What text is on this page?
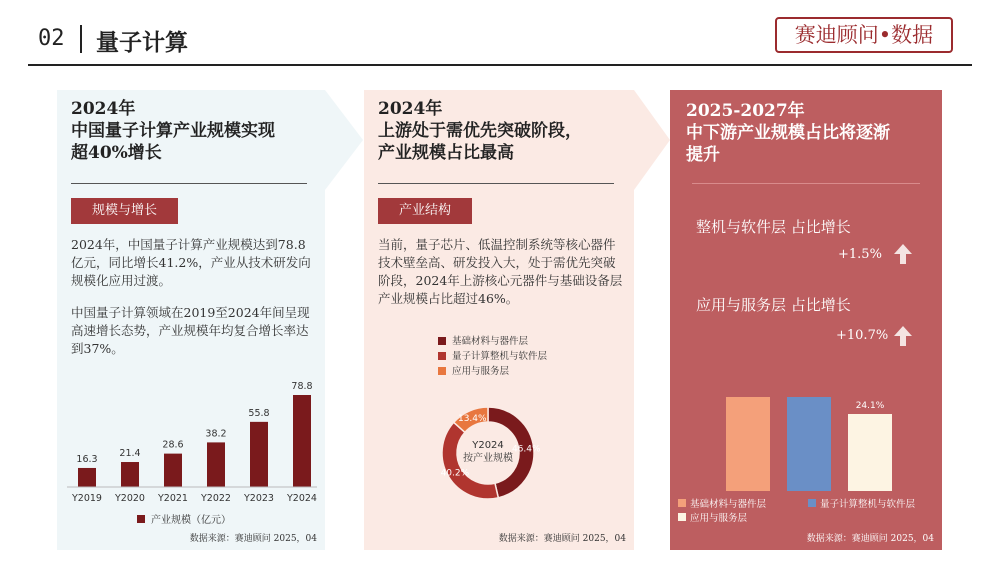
02 量子计算	赛迪顾问•数据
2024年
中国量子计算产业规模实现
超40%增长
规模与增长
2024年，中国量子计算产业规模达到78.8亿元，同比增长41.2%，产业从技术研发向规模化应用过渡。
中国量子计算领域在2019至2024年间呈现高速增长态势，产业规模年均复合增长率达到37%。
16.3
Y2019
21.4
Y2020
28.6
Y2021
38.2
Y2022
55.8
Y2023
78.8
Y2024
产业规模（亿元）
数据来源：赛迪顾问 2025，04
2024年
上游处于需优先突破阶段，
产业规模占比最高
产业结构
当前，量子芯片、低温控制系统等核心器件技术壁垒高、研发投入大，处于需优先突破阶段，2024年上游核心元器件与基础设备层产业规模占比超过46%。
基础材料与器件层
量子计算整机与软件层
应用与服务层
46.4%
40.2%
13.4%
Y2024
按产业规模
数据来源：赛迪顾问 2025，04
2025-2027年
中下游产业规模占比将逐渐
提升
整机与软件层 占比增长
+1.5%
应用与服务层 占比增长
+10.7%
24.1%
基础材料与器件层	量子计算整机与软件层
应用与服务层
数据来源：赛迪顾问 2025，04
